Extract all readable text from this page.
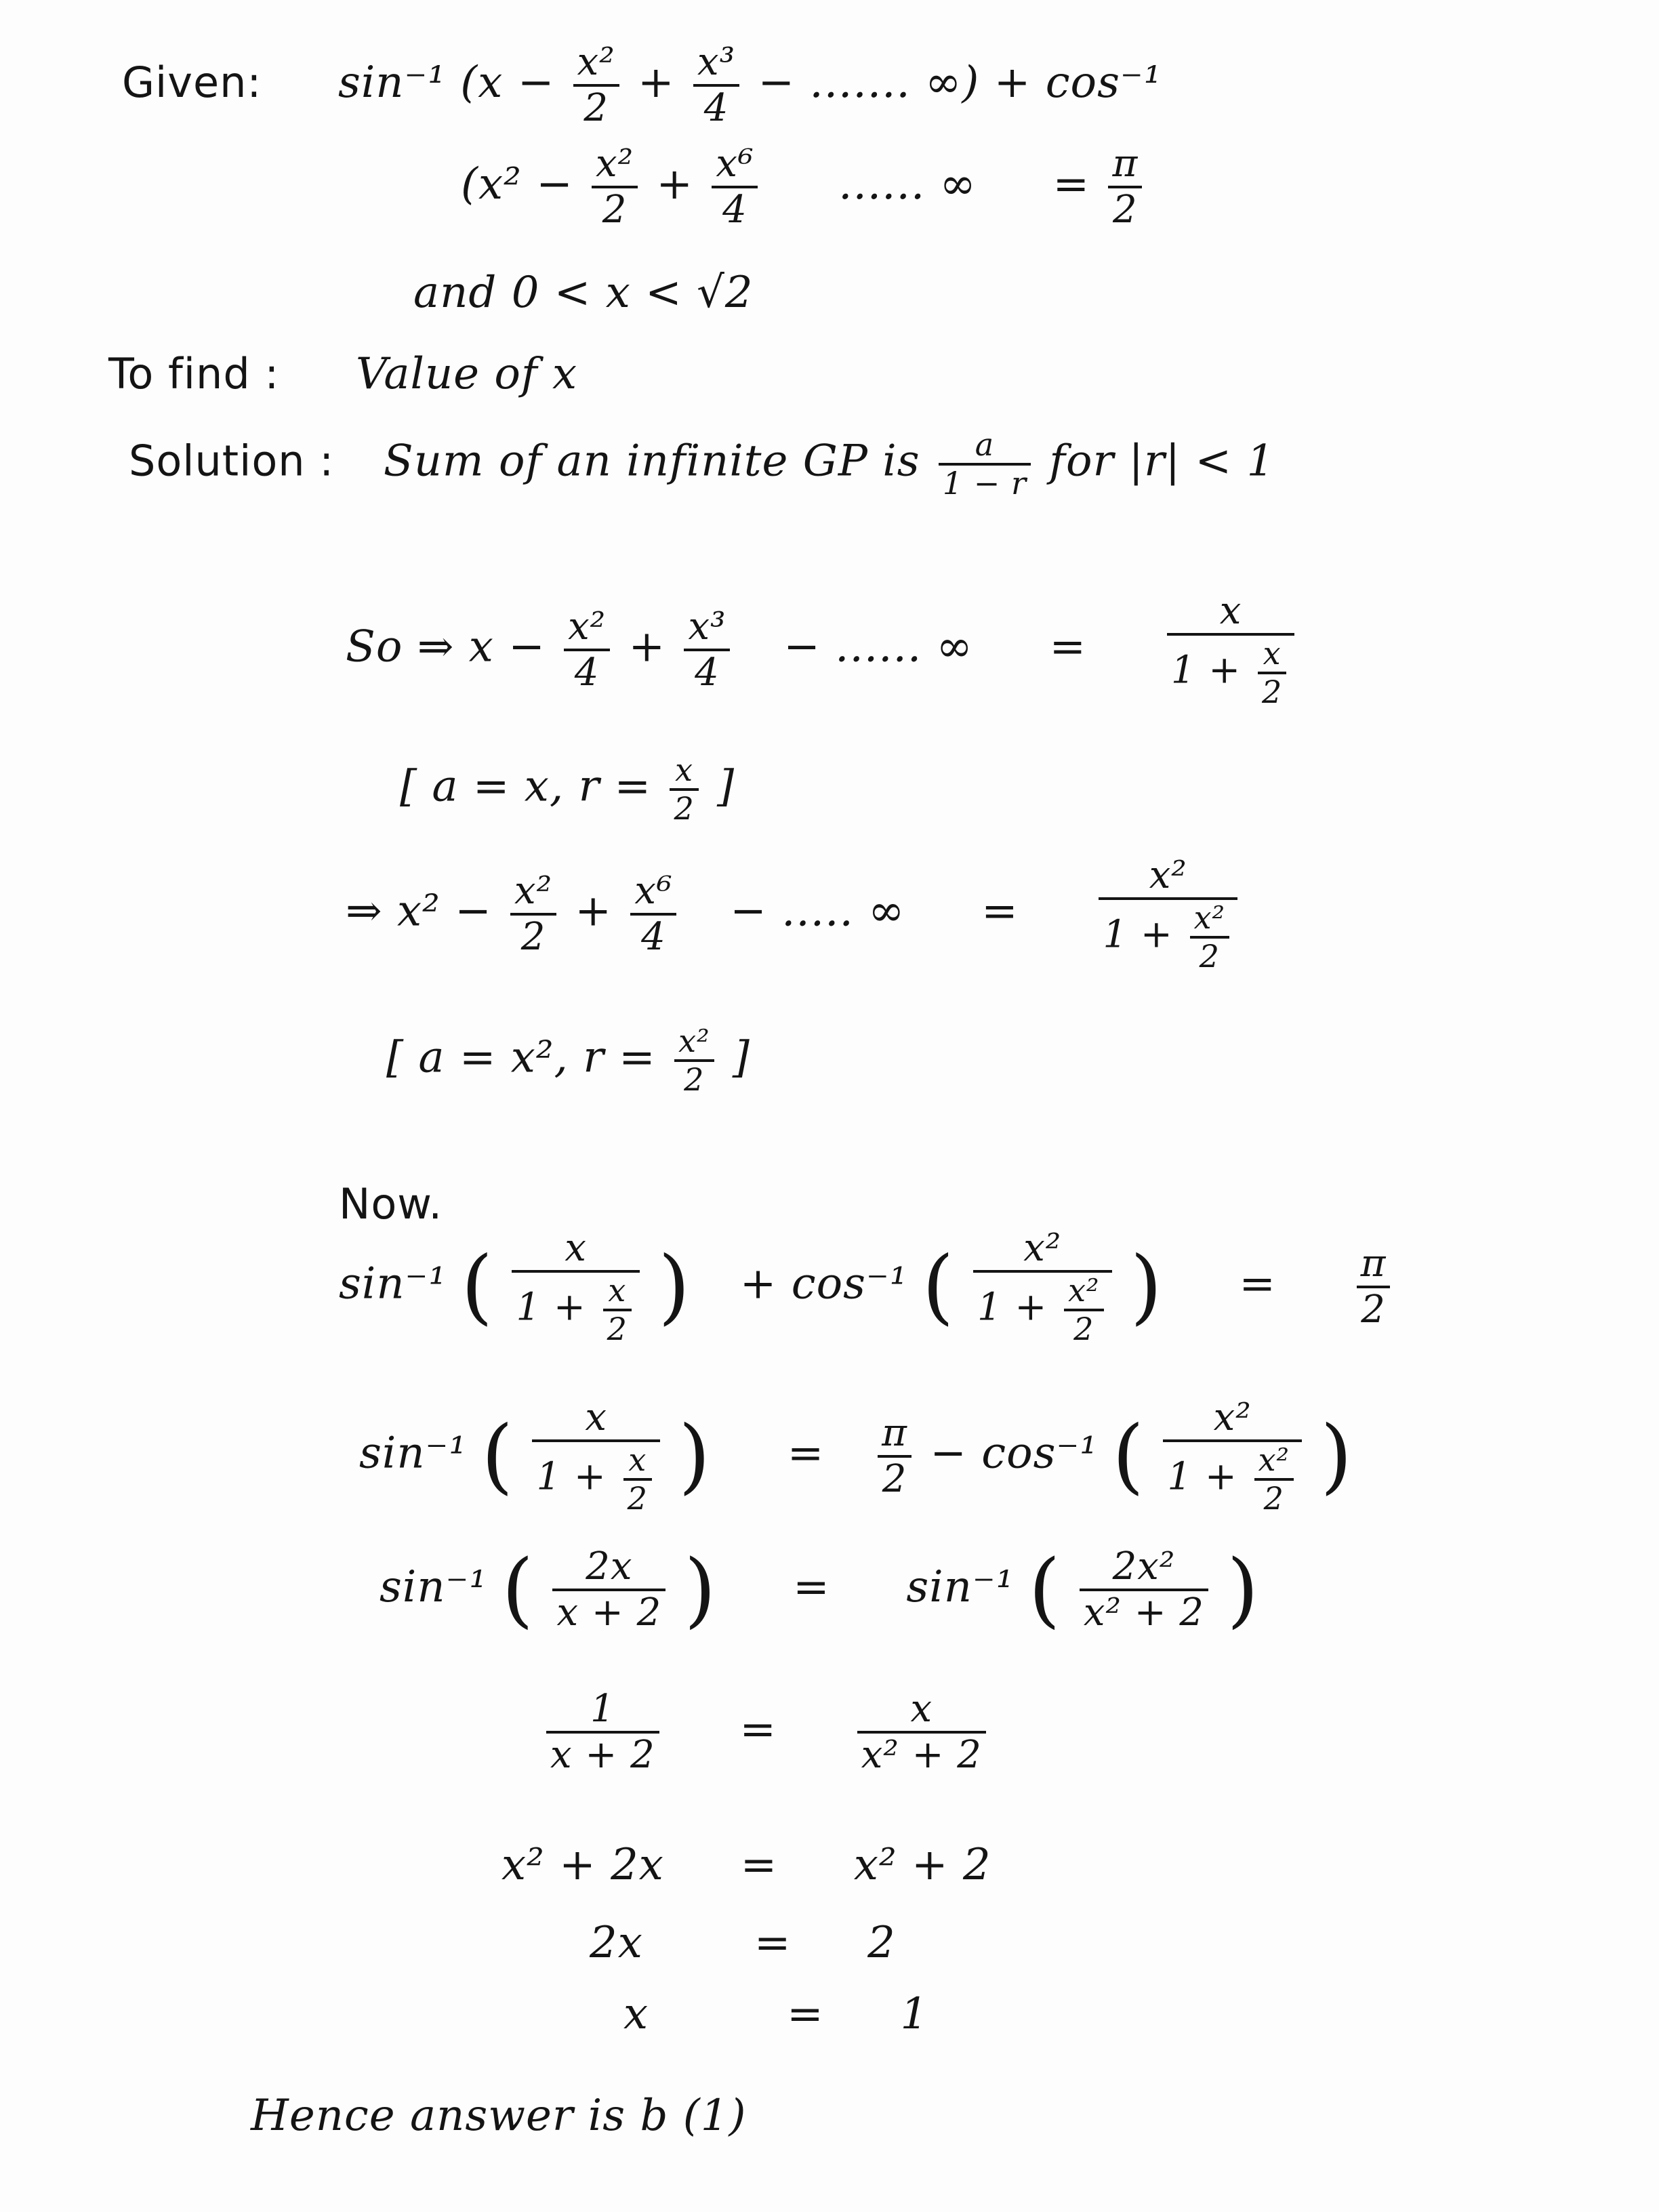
Given: sin⁻¹ ($x - \frac{\text{x²}}{2} + \frac{\text{x³}}{4}$ − ....... ∞) + cos⁻¹
($x^2 - \frac{\text{x²}}{2} + \frac{\text{x⁶}}{4}$ ...... ∞ = $\frac{\pi}{2}$
and 0 < x < √2
To find : Value of x
Solution : Sum of an infinite GP is $\frac{a}{1 - r}$ for |r| < 1
So ⇒ $x - \frac{\text{x²}}{4} + \frac{\text{x³}}{4}$ − ...... ∞ = $\frac{x}{1 + \frac{x}{2}}$
[ a = x, $r = \frac{x}{2}$ ]
⇒ $x^2 - \frac{\text{x²}}{2} + \frac{\text{x⁶}}{4}$ − ..... ∞ = $\frac{\text{x²}}{1 + \frac{\text{x²}}{2}}$
[ a = x², $r = \frac{\text{x²}}{2}$ ]
Now.
sin⁻¹ ( $\frac{x}{1 + \frac{x}{2}}$ ) + cos⁻¹ ( $\frac{\text{x²}}{1 + \frac{\text{x²}}{2}}$ ) = $\frac{\pi}{2}$
sin⁻¹ ( $\frac{x}{1 + \frac{x}{2}}$ ) = $\frac{\pi}{2} - \cos^{-1}$ ( $\frac{\text{x²}}{1 + \frac{\text{x²}}{2}}$ )
sin⁻¹ ( $\frac{2x}{x + 2}$ ) = sin⁻¹ ( $\frac{\text{2x²}}{\text{x² + 2}}$ )
$\frac{1}{x + 2} = \frac{x}{\text{x² + 2}}$
x² + 2x = x² + 2
2x	= 2
x	= 1
Hence answer is b (1)
